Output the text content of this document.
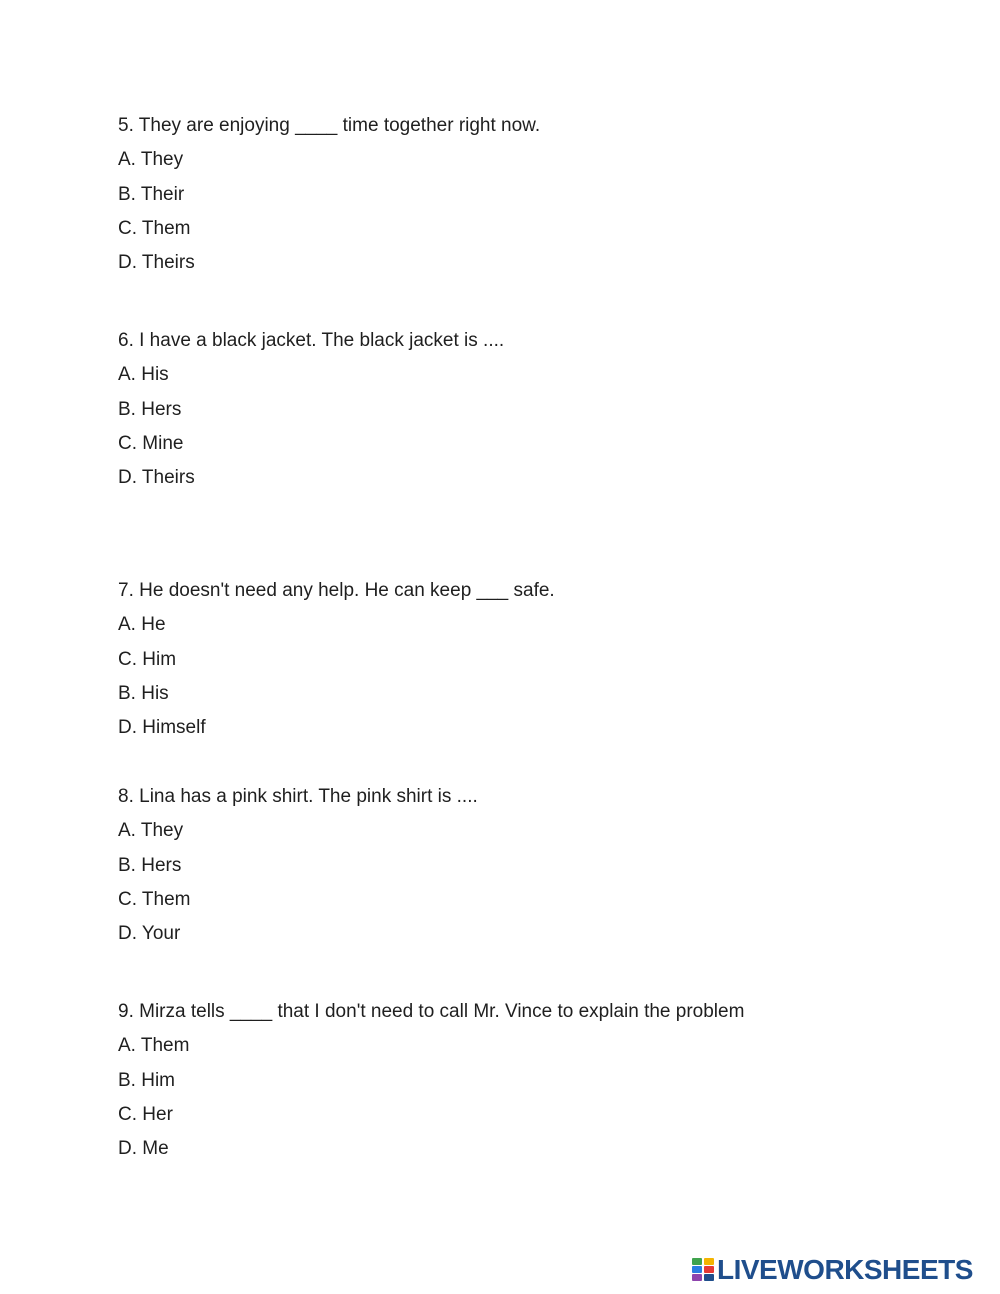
5. They are enjoying ____ time together right now.
A. They
B. Their
C. Them
D. Theirs
6. I have a black jacket. The black jacket is ....
A. His
B. Hers
C. Mine
D. Theirs
7. He doesn't need any help. He can keep ___ safe.
A. He
C. Him
B. His
D. Himself
8. Lina has a pink shirt. The pink shirt is ....
A. They
B. Hers
C. Them
D. Your
9. Mirza tells ____ that I don't need to call Mr. Vince to explain the problem
A. Them
B. Him
C. Her
D. Me
LIVEWORKSHEETS
